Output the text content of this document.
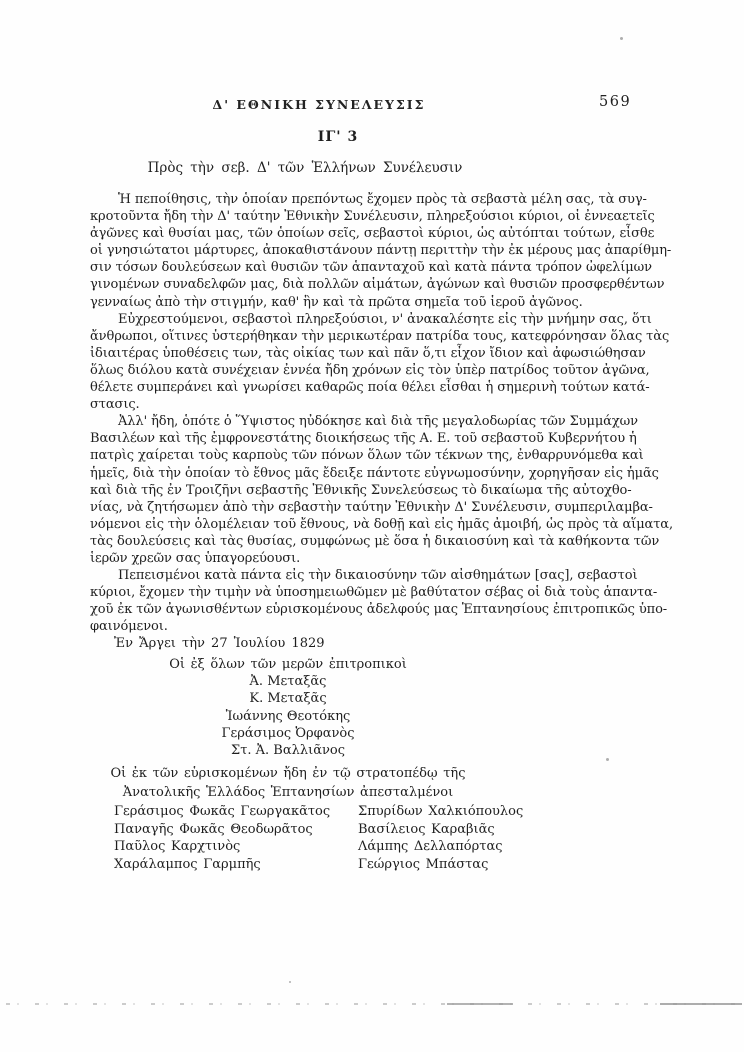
Δ' ΕΘΝΙΚΗ ΣΥΝΕΛΕΥΣΙΣ	569
ΙΓ' 3
Πρὸς τὴν σεβ. Δ' τῶν Ἑλλήνων Συνέλευσιν

Ἡ πεποίθησις, τὴν ὁποίαν πρεπόντως ἔχομεν πρὸς τὰ σεβαστὰ μέλη σας, τὰ συγ-
κροτοῦντα ἤδη τὴν Δ' ταύτην Ἐθνικὴν Συνέλευσιν, πληρεξούσιοι κύριοι, οἱ ἐννεαετεῖς
ἀγῶνες καὶ θυσίαι μας, τῶν ὁποίων σεῖς, σεβαστοὶ κύριοι, ὡς αὐτόπται τούτων, εἶσθε
οἱ γνησιώτατοι μάρτυρες, ἀποκαθιστάνουν πάντῃ περιττὴν τὴν ἐκ μέρους μας ἀπαρίθμη-
σιν τόσων δουλεύσεων καὶ θυσιῶν τῶν ἁπανταχοῦ καὶ κατὰ πάντα τρόπον ὠφελίμων
γινομένων συναδελφῶν μας, διὰ πολλῶν αἱμάτων, ἀγώνων καὶ θυσιῶν προσφερθέντων
γενναίως ἀπὸ τὴν στιγμήν, καθ' ἣν καὶ τὰ πρῶτα σημεῖα τοῦ ἱεροῦ ἀγῶνος.

Εὐχρεστούμενοι, σεβαστοὶ πληρεξούσιοι, ν' ἀνακαλέσητε εἰς τὴν μνήμην σας, ὅτι
ἄνθρωποι, οἵτινες ὑστερήθηκαν τὴν μερικωτέραν πατρίδα τους, κατεφρόνησαν ὅλας τὰς
ἰδιαιτέρας ὑποθέσεις των, τὰς οἰκίας των καὶ πᾶν ὅ,τι εἶχον ἴδιον καὶ ἀφωσιώθησαν
ὅλως διόλου κατὰ συνέχειαν ἐννέα ἤδη χρόνων εἰς τὸν ὑπὲρ πατρίδος τοῦτον ἀγῶνα,
θέλετε συμπεράνει καὶ γνωρίσει καθαρῶς ποία θέλει εἶσθαι ἡ σημερινὴ τούτων κατά-
στασις.

Ἀλλ' ἤδη, ὁπότε ὁ Ὕψιστος ηὐδόκησε καὶ διὰ τῆς μεγαλοδωρίας τῶν Συμμάχων
Βασιλέων καὶ τῆς ἐμφρονεστάτης διοικήσεως τῆς Α. Ε. τοῦ σεβαστοῦ Κυβερνήτου ἡ
πατρὶς χαίρεται τοὺς καρποὺς τῶν πόνων ὅλων τῶν τέκνων της, ἐνθαρρυνόμεθα καὶ
ἡμεῖς, διὰ τὴν ὁποίαν τὸ ἔθνος μᾶς ἔδειξε πάντοτε εὐγνωμοσύνην, χορηγῆσαν εἰς ἡμᾶς
καὶ διὰ τῆς ἐν Τροιζῆνι σεβαστῆς Ἐθνικῆς Συνελεύσεως τὸ δικαίωμα τῆς αὐτοχθο-
νίας, νὰ ζητήσωμεν ἀπὸ τὴν σεβαστὴν ταύτην Ἐθνικὴν Δ' Συνέλευσιν, συμπεριλαμβα-
νόμενοι εἰς τὴν ὁλομέλειαν τοῦ ἔθνους, νὰ δοθῇ καὶ εἰς ἡμᾶς ἀμοιβή, ὡς πρὸς τὰ αἵματα,
τὰς δουλεύσεις καὶ τὰς θυσίας, συμφώνως μὲ ὅσα ἡ δικαιοσύνη καὶ τὰ καθήκοντα τῶν
ἱερῶν χρεῶν σας ὑπαγορεύουσι.

Πεπεισμένοι κατὰ πάντα εἰς τὴν δικαιοσύνην τῶν αἰσθημάτων [σας], σεβαστοὶ
κύριοι, ἔχομεν τὴν τιμὴν νὰ ὑποσημειωθῶμεν μὲ βαθύτατον σέβας οἱ διὰ τοὺς ἁπαντα-
χοῦ ἐκ τῶν ἀγωνισθέντων εὑρισκομένους ἀδελφούς μας Ἑπτανησίους ἐπιτροπικῶς ὑπο-
φαινόμενοι.

Ἐν Ἄργει τὴν 27 Ἰουλίου 1829
Οἱ ἐξ ὅλων τῶν μερῶν ἐπιτροπικοὶ
Ἀ. Μεταξᾶς
Κ. Μεταξᾶς
Ἰωάννης Θεοτόκης
Γεράσιμος Ὀρφανὸς
Στ. Ἀ. Βαλλιᾶνος
Οἱ ἐκ τῶν εὑρισκομένων ἤδη ἐν τῷ στρατοπέδῳ τῆς
Ἀνατολικῆς Ἑλλάδος Ἑπτανησίων ἀπεσταλμένοι
Γεράσιμος Φωκᾶς Γεωργακᾶτος
Παναγῆς Φωκᾶς Θεοδωρᾶτος
Παῦλος Καρχτινὸς
Χαράλαμπος Γαρμπῆς
Σπυρίδων Χαλκιόπουλος
Βασίλειος Καραβιᾶς
Λάμπης Δελλαπόρτας
Γεώργιος Μπάστας
